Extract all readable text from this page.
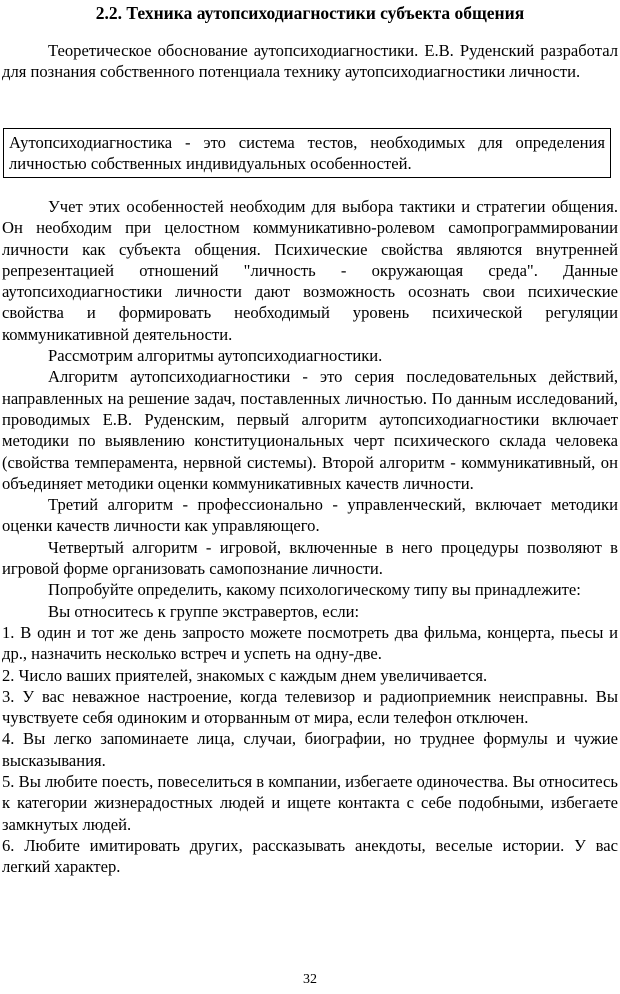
2.2. Техника аутопсиходиагностики субъекта общения

Теоретическое обоснование аутопсиходиагностики. Е.В. Руденский разработал для познания собственного потенциала технику аутопсиходиагностики личности.

Аутопсиходиагностика - это система тестов, необходимых для определения личностью собственных индивидуальных особенностей.

Учет этих особенностей необходим для выбора тактики и стратегии общения. Он необходим при целостном коммуникативно-ролевом самопрограммировании личности как субъекта общения. Психические свойства являются внутренней репрезентацией отношений "личность - окружающая среда". Данные аутопсиходиагностики личности дают возможность осознать свои психические свойства и формировать необходимый уровень психической регуляции коммуникативной деятельности.

Рассмотрим алгоритмы аутопсиходиагностики.

Алгоритм аутопсиходиагностики - это серия последовательных действий, направленных на решение задач, поставленных личностью. По данным исследований, проводимых Е.В. Руденским, первый алгоритм аутопсиходиагностики включает методики по выявлению конституциональных черт психического склада человека (свойства темперамента, нервной системы). Второй алгоритм - коммуникативный, он объединяет методики оценки коммуникативных качеств личности.

Третий алгоритм - профессионально - управленческий, включает методики оценки качеств личности как управляющего.

Четвертый алгоритм - игровой, включенные в него процедуры позволяют в игровой форме организовать самопознание личности.

Попробуйте определить, какому психологическому типу вы принадлежите:

Вы относитесь к группе экстравертов, если:

1. В один и тот же день запросто можете посмотреть два фильма, концерта, пьесы и др., назначить несколько встреч и успеть на одну-две.

2. Число ваших приятелей, знакомых с каждым днем увеличивается.

3. У вас неважное настроение, когда телевизор и радиоприемник неисправны. Вы чувствуете себя одиноким и оторванным от мира, если телефон отключен.

4. Вы легко запоминаете лица, случаи, биографии, но труднее формулы и чужие высказывания.

5. Вы любите поесть, повеселиться в компании, избегаете одиночества. Вы относитесь к категории жизнерадостных людей и ищете контакта с себе подобными, избегаете замкнутых людей.

6. Любите имитировать других, рассказывать анекдоты, веселые истории. У вас легкий характер.

32
